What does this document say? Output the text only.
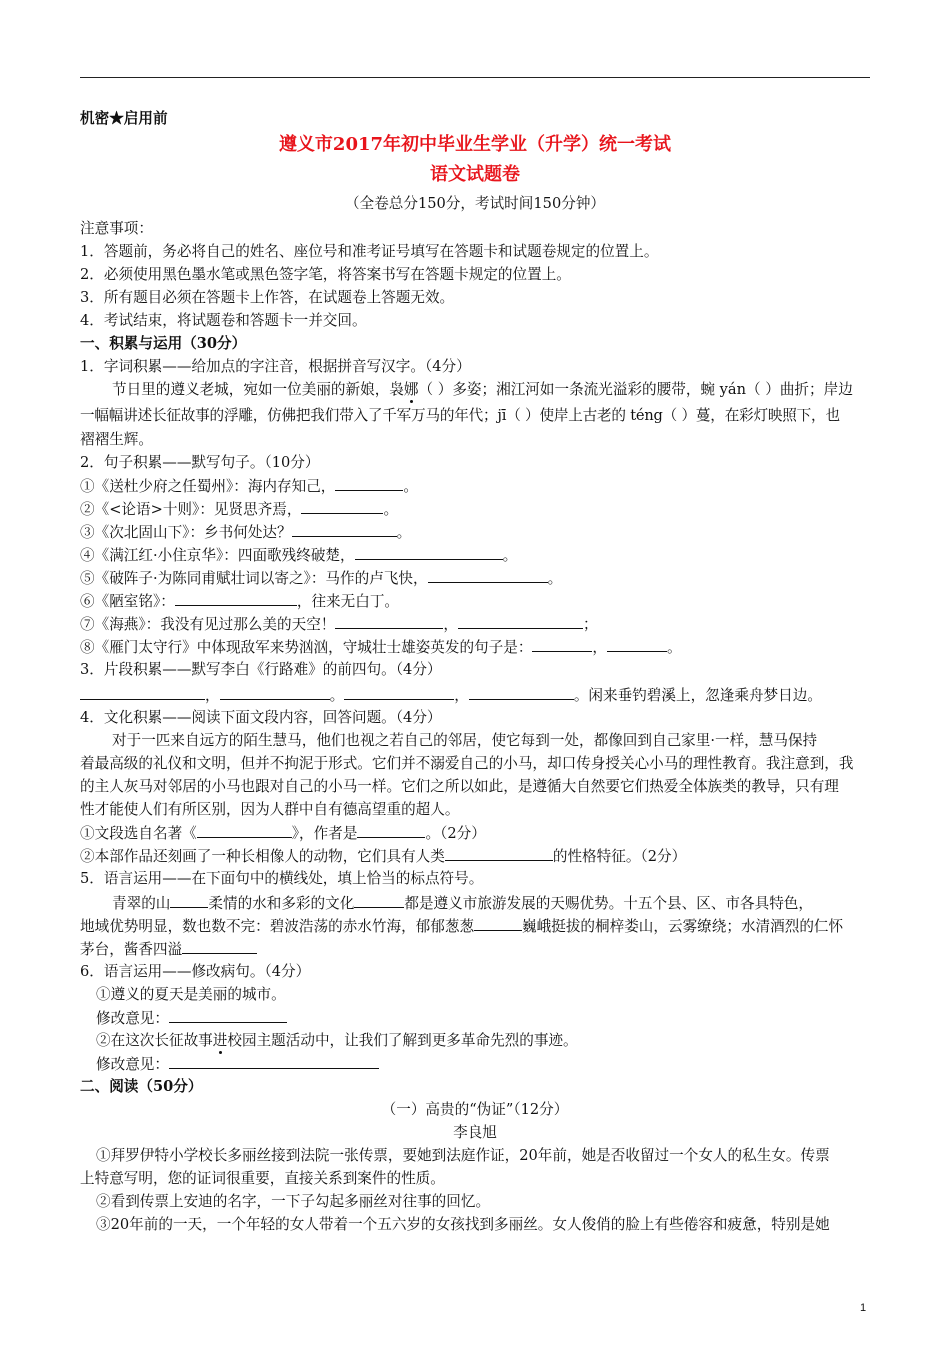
机密★启用前
遵义市2017年初中毕业生学业（升学）统一考试
语文试题卷
（全卷总分150分，考试时间150分钟）
注意事项：
1．答题前，务必将自己的姓名、座位号和准考证号填写在答题卡和试题卷规定的位置上。
2．必须使用黑色墨水笔或黑色签字笔，将答案书写在答题卡规定的位置上。
3．所有题目必须在答题卡上作答，在试题卷上答题无效。
4．考试结束，将试题卷和答题卡一并交回。
一、积累与运用（30分）
1．字词积累——给加点的字注音，根据拼音写汉字。（4分）
节日里的遵义老城，宛如一位美丽的新娘，袅娜（ ）多姿；湘江河如一条流光溢彩的腰带，蜿 yán（ ）曲折；岸边
一幅幅讲述长征故事的浮雕，仿佛把我们带入了千军万马的年代；jī（ ）使岸上古老的 téng（ ）蔓，在彩灯映照下，也
褶褶生辉。
2．句子积累——默写句子。（10分）
①《送杜少府之任蜀州》：海内存知己，	。
②《<论语>十则》：见贤思齐焉，	。
③《次北固山下》：乡书何处达？	。
④《满江红·小住京华》：四面歌残终破楚，	。
⑤《破阵子·为陈同甫赋壮词以寄之》：马作的卢飞快，	。
⑥《陋室铭》：	，往来无白丁。
⑦《海燕》：我没有见过那么美的天空！	，	；
⑧《雁门太守行》中体现敌军来势汹汹，守城壮士雄姿英发的句子是：	，	。
3．片段积累——默写李白《行路难》的前四句。（4分）
，	。	，	。闲来垂钓碧溪上，忽逢乘舟梦日边。
4．文化积累——阅读下面文段内容，回答问题。（4分）
对于一匹来自远方的陌生慧马，他们也视之若自己的邻居，使它每到一处，都像回到自己家里·一样，慧马保持
着最高级的礼仪和文明，但并不拘泥于形式。它们并不溺爱自己的小马，却口传身授关心小马的理性教育。我注意到，我
的主人灰马对邻居的小马也跟对自己的小马一样。它们之所以如此，是遵循大自然要它们热爱全体族类的教导，只有理
性才能使人们有所区别，因为人群中自有德高望重的超人。
①文段选自名著《	》，作者是	。（2分）
②本部作品还刻画了一种长相像人的动物，它们具有人类	的性格特征。（2分）
5．语言运用——在下面句中的横线处，填上恰当的标点符号。
青翠的山	柔情的水和多彩的文化	都是遵义市旅游发展的天赐优势。十五个县、区、市各具特色，
地域优势明显，数也数不完：碧波浩荡的赤水竹海，郁郁葱葱	巍峨挺拔的桐梓娄山，云雾缭绕；水清酒烈的仁怀
茅台，酱香四溢
6．语言运用——修改病句。（4分）
①遵义的夏天是美丽的城市。
修改意见：
②在这次长征故事进校园主题活动中，让我们了解到更多革命先烈的事迹。
修改意见：
二、阅读（50分）
（一）高贵的“伪证”（12分）
李良旭
①拜罗伊特小学校长多丽丝接到法院一张传票，要她到法庭作证，20年前，她是否收留过一个女人的私生女。传票
上特意写明，您的证词很重要，直接关系到案件的性质。
②看到传票上安迪的名字，一下子勾起多丽丝对往事的回忆。
③20年前的一天，一个年轻的女人带着一个五六岁的女孩找到多丽丝。女人俊俏的脸上有些倦容和疲惫，特别是她
1
